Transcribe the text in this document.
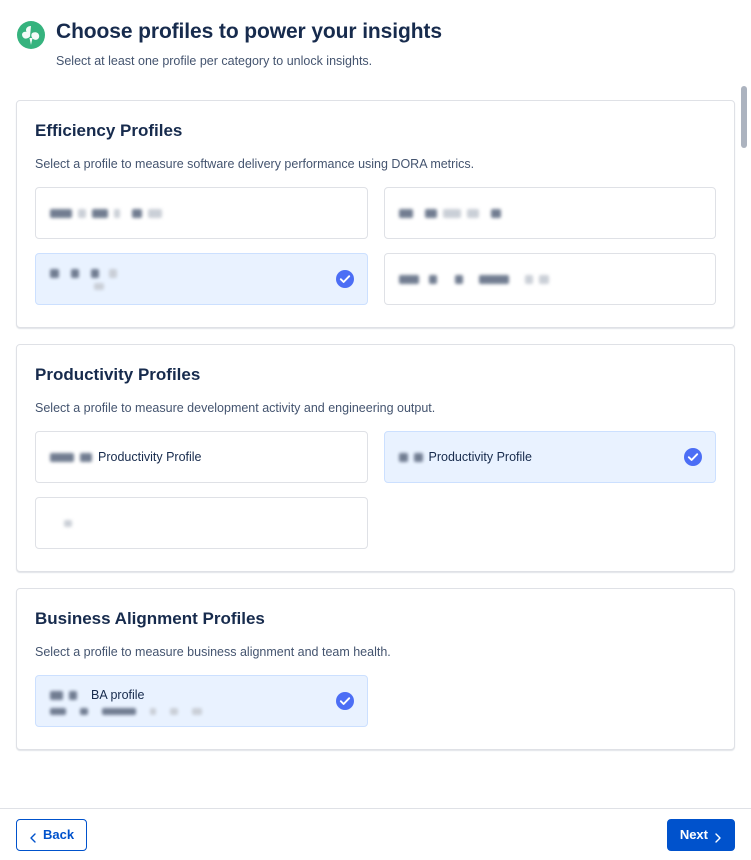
Choose profiles to power your insights
Select at least one profile per category to unlock insights.
Efficiency Profiles
Select a profile to measure software delivery performance using DORA metrics.
Productivity Profiles
Select a profile to measure development activity and engineering output.
Productivity Profile	Productivity Profile
Business Alignment Profiles
Select a profile to measure business alignment and team health.
BA profile
Back	Next
